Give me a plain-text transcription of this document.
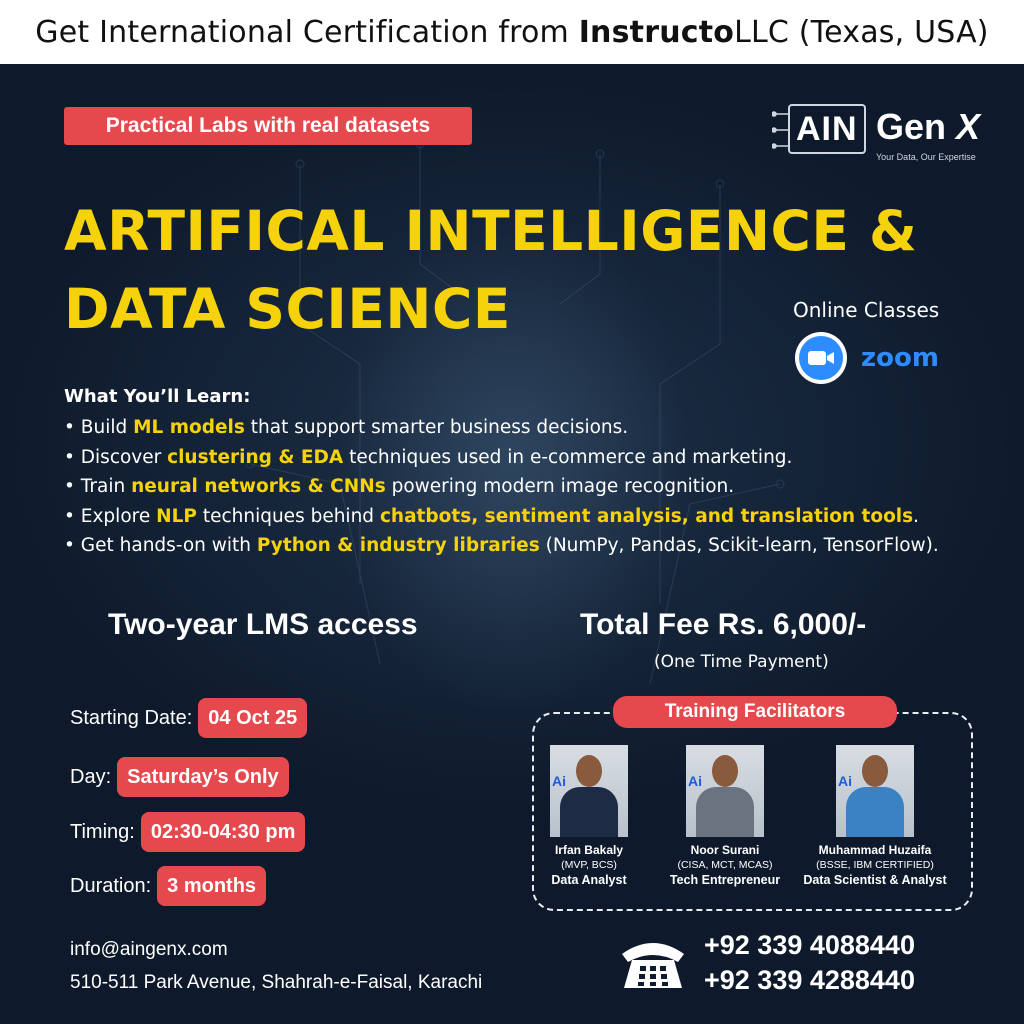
Get International Certification from
Instructo LLC (Texas, USA)
Practical Labs with real datasets	AIN Gen X
Your Data, Our Expertise
ARTIFICAL INTELLIGENCE &
DATA SCIENCE	Online Classes
zoom
What You’ll Learn:
• Build ML models that support smarter business decisions.
• Discover clustering & EDA techniques used in e-commerce and marketing.
• Train neural networks & CNNs powering modern image recognition.
• Explore NLP techniques behind chatbots, sentiment analysis, and translation tools.
• Get hands-on with Python & industry libraries (NumPy, Pandas, Scikit-learn, TensorFlow).
Two-year LMS access	Total Fee Rs. 6,000/-
(One Time Payment)
Starting Date: 04 Oct 25
Day: Saturday’s Only
Timing: 02:30-04:30 pm
Duration: 3 months
Training Facilitators
Ai
Irfan Bakaly
(MVP, BCS)
Data Analyst
Ai
Noor Surani
(CISA, MCT, MCAS)
Tech Entrepreneur
Ai
Muhammad Huzaifa
(BSSE, IBM CERTIFIED)
Data Scientist & Analyst
info@aingenx.com
510-511 Park Avenue, Shahrah-e-Faisal, Karachi
+92 339 4088440
+92 339 4288440
